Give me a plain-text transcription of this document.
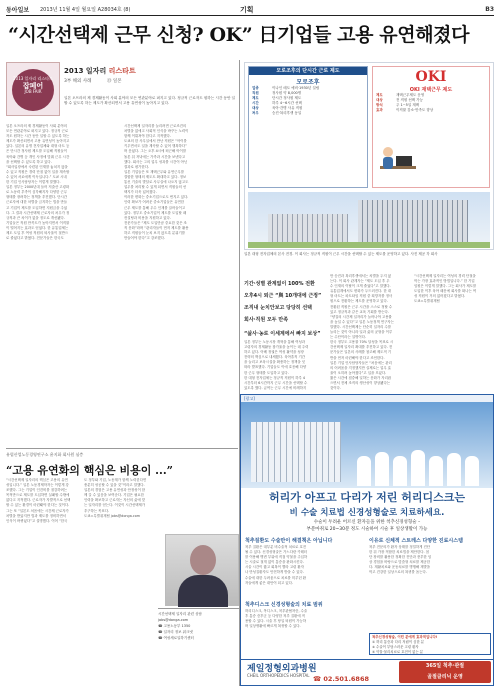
동아일보 2013년 11월 4일 월요일 A28034호 (8)	기획	B3
“시간선택제 근무 신청? OK” 日기업들 고용 유연해졌다
2013 일자리 리스타트
잡페어
JOB FAIR
2013 일자리 리스타트
3부 해외 사례	⑬ 일본
일본 오프라의 제 경제활동이 사회 분야의 모든 연관분야로 퍼지고 있다. 정규직 근로자도 원하는 시간 동안 일할 수 있도록 하는 제도가 확산되면서 고용 유연성이 높아지고 있다.
일본 오프라의 제 경제활동이 사회 분야의
모든 연관분야로 퍼지고 있다. 정규직 근로
자도 원하는 시간 동안 일할 수 있도록 하는
제도가 확산되면서 고용 유연성이 높아지고
있다. 일본의 유명 전자업체와 대형 마트 등
은 단시간 정사원 제도를 도입해 직원들이
육아와 간병 등 개인 사정에 맞춰 근무 시간
을 선택할 수 있도록 하고 있다.
“회사입장에서 숙련된 인재를 놓치지 않을
수 있고 직원은 경력 단절 없이 일을 계속할
수 있어 서로에게 이득입니다.” 도쿄 시내
한 기업 인사담당자는 이렇게 말했다.
일본 정부는 2000년대 들어 저출산 고령화
로 노동력 부족이 심각해지자 다양한 근무
형태를 장려하는 정책을 추진했다. 단시간
근로자에 대한 차별을 금지하는 법을 만들
고 기업이 제도를 도입하면 지원금을 주었
다. 그 결과 시간선택제 근로자의 처우가 정
규직과 큰 차이가 없을 정도로 개선됐다.
기업들은 직원 만족도가 높아지면서 이직률
이 떨어지는 효과도 얻었다. 한 유통업체는
제도 도입 후 여성 직원의 퇴사율이 절반으
로 줄었다고 밝혔다. 전문가들은 한국도
시간선택제 일자리를 늘리려면 근로조건의
차별을 없애고 사회적 인식을 바꾸는 노력이
함께 이뤄져야 한다고 지적했다.
도쿄의 한 사무실에서 만난 직원은 “아이를
키우면서도 일을 계속할 수 있어 행복하다”
며 웃었다. 그는 오후 4시에 퇴근해 아이를
돌본 뒤 저녁에는 가족과 시간을 보낸다고
했다. 회사는 그의 업무 성과를 시간이 아닌
결과로 평가한다.
일본 기업들은 또 재택근무와 유연근무를
결합한 형태의 제도도 확대하고 있다. 정보
통신 기술의 발달로 사무실에 나오지 않고도
업무를 처리할 수 있게 되면서 직원들의 선
택지가 더욱 넓어졌다.
이러한 변화는 중소기업으로도 번지고 있다.
인력 확보가 어려운 중소기업들은 유연한
근무 제도를 통해 우수 인재를 끌어들이고
있다. 정부도 중소기업이 제도를 도입할 때
컨설팅과 비용을 지원하고 있다.
전문가들은 “제도 도입만큼 중요한 것은 조
직 문화”라며 “관리자들이 먼저 제도를 활용
하고 직원들이 눈치 보지 않도록 분위기를
만들어야 한다”고 강조했다.
모로조후의 단시간 근로 제도
모로조후
업종	이나인 매도 예비·1930년 설립
직원	정사원 약 8,000명
제도	단시간 정사원 제도
시간	하루 4~6시간 선택
대상	육아·간병 사유 직원
처우	승진·복리후생 동일
OKI
OKI 재택근무 제도
제도	재택근무제도 운영
대상	전 직원 선택 가능
방식	주 1~5일 재택
효과	이직률 감소·만족도 향상
일본 대형 전자업체의 본사 전경. 이 회사는 정규직 직원이 근무 시간을 선택할 수 있는 제도를 운영하고 있다. 사진 제공 각 회사
기간·성별 관계없이 100% 전환
오후4시 퇴근 “與 10개대에 근정”
조직내 눈치안보고 당당히 선택
회사·직원 모두 만족
“삶사·농로 이세계에서 빠지 보상”
일본 정부는 노동시장 개혁을 통해 여성과
고령자의 경제활동 참가율을 높이는 데 주력
하고 있다. 아베 정권은 여성 활약을 성장
전략의 핵심으로 내세웠다. 육아휴직 기간
을 늘리고 보육시설을 확충하는 정책을 잇
따라 발표했다. 기업들도 이에 호응해 다양
한 근무 형태를 도입하고 있다.
한 대형 전자업체는 정규직 직원이 하루 4
시간부터 6시간까지 근무 시간을 선택할 수
있도록 했다. 급여는 근무 시간에 비례하지
만 승진과 복리후생에서는 차별을 두지 않
는다. 이 회사 관계자는 “제도 도입 후 우
수 인재의 이탈이 크게 줄었다”고 말했다.
유통업계에서도 변화가 두드러진다. 한 대
형 마트는 파트타임 직원 중 희망자를 정사
원으로 전환하는 제도를 운영하고 있다.
전환된 직원은 근무 시간을 스스로 정할 수
있고 정규직과 같은 교육 기회를 받는다.
“양질의 시간제 일자리가 늘어나야 고용률
을 높일 수 있다”고 일본 노동정책 연구자는
말했다. 시간선택제는 단순히 일자리 수를
늘리는 것이 아니라 일과 삶의 균형을 이루
는 수단이라는 설명이다.
한국 정부도 고용률 70% 달성을 목표로 시
간선택제 일자리 확대를 추진하고 있다. 전
문가들은 일본의 사례를 참고해 제도적 기
반을 먼저 마련해야 한다고 조언한다.
일본 기업 인사담당자들은 “처음에는 관리
의 어려움을 걱정했지만 실제로는 업무 효
율이 오히려 높아졌다”고 입을 모았다.
짧은 시간에 집중해 일하는 문화가 자리잡
으면서 전체 조직의 생산성이 향상됐다는
것이다.
“시간선택제 일자리는 여성의 경력 단절을
막는 가장 효과적인 방법입니다.” 한 기업
임원은 이렇게 말했다. 그는 회사가 제도를
도입한 이후 육아 때문에 회사를 떠나는 여
성 직원이 거의 없어졌다고 밝혔다.
도쿄=특별취재팀
유럽산업노동경영연구소 윤지화 회사원 심층
“고용 유연화의 핵심은 비용이 ...”
“시간선택제 일자리의 핵심은 고용의 유연
성입니다.” 일본 노동경제학자는 이렇게 강
조했다. 그는 기업이 인건비를 절감하려는
목적만으로 제도를 도입하면 실패할 수밖에
없다고 지적했다. 근로자가 자발적으로 선택
할 수 있는 환경이 마련돼야 한다는 것이다.
그는 또 “일본도 처음에는 시간제 근로자가
차별을 받았지만 법과 제도를 정비하면서
인식이 바뀌었다”고 설명했다. 이어 “한국
도 정부와 기업, 노동계가 함께 노력한다면
충분히 성공할 수 있을 것”이라고 말했다.
일본의 경험은 고용 유연성과 안정성이 함
께 갈 수 있음을 보여준다. 기업은 필요한
인력을 확보하고 근로자는 자신의 삶에 맞
는 일자리를 얻는다. 이것이 시간선택제가
추구하는 목표다.
도쿄=특별취재팀 jobs@donga.com
시간선택제 일자리 관련 상담
jobs@donga.com
☎ 고용노동부 1350
☎ 일자리 정보 워크넷
☎ 여성새로일하기센터
[광고]
허리가 아프고 다리가 저린 허리디스크는
비 수술 치료법 신경성형술로 치료하세요.
수술이 두려운 어르신 환자들을 위한 척추신경성형술 –
부분마취로 20~30분 정도 시술하여 시술 후 일상생활이 가능
척추질환도 수술만이 해결책은 아닙니다	이유로 신체적 스트레스 다양한 진료시스템
척추 질환은 대부분 비수술적 치료로 호전
될 수 있다. 신경성형술은 가느다란 카테터
를 이용해 병변 부위에 직접 약물을 주입하
는 시술로 절개 없이 통증을 완화시킨다.
시술 시간이 짧고 회복이 빨라 고령 환자
나 만성질환자도 안전하게 받을 수 있다.
수술에 대한 두려움으로 치료를 미루던 환
자들에게 좋은 대안이 되고 있다.
척추 전문의가 환자 상태를 정밀하게 진단
한 뒤 가장 적합한 치료법을 제안한다. 첨
단 장비를 활용한 정확한 진단과 풍부한 임
상 경험을 바탕으로 맞춤형 치료를 제공한
다. 재활치료와 운동치료를 병행해 재발을
막고 건강한 일상으로의 복귀를 돕는다.
척추디스크 신경성형술의 치료 범위
허리디스크, 목디스크, 척추관협착증, 수술
후 통증 증후군 등 다양한 척추 질환에 적
용할 수 있다. 시술 후 당일 퇴원이 가능하
며 일상생활에 빠르게 복귀할 수 있다.
척추신경성형술, 이런 분에게 효과적입니다!
① 허리 통증과 다리 저림이 심한 분
② 수술이 부담스러운 고령 환자
③ 약물·물리치료로 호전이 없는 분
제일정형외과병원
CHEIL ORTHOPEDICS HOSPITAL ☎ 02.501.6868
365일 척추·관절
골절클리닉 운영
